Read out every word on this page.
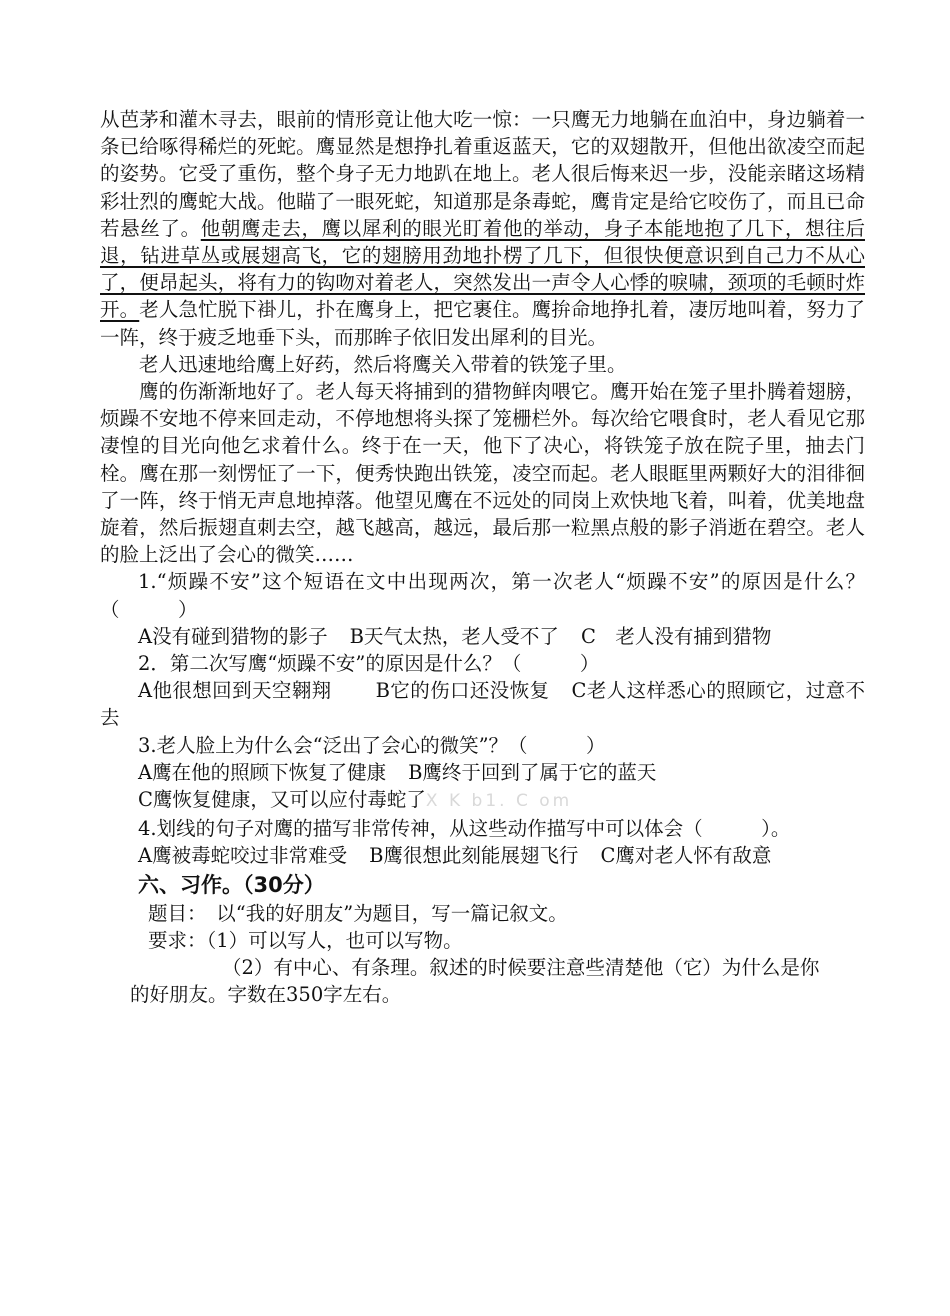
从芭茅和灌木寻去，眼前的情形竟让他大吃一惊：一只鹰无力地躺在血泊中，身边躺着一条已给啄得稀烂的死蛇。鹰显然是想挣扎着重返蓝天，它的双翅散开，但他出欲凌空而起的姿势。它受了重伤，整个身子无力地趴在地上。老人很后悔来迟一步，没能亲睹这场精彩壮烈的鹰蛇大战。他瞄了一眼死蛇，知道那是条毒蛇，鹰肯定是给它咬伤了，而且已命若悬丝了。他朝鹰走去，鹰以犀利的眼光盯着他的举动，身子本能地抱了几下，想往后退，钻进草丛或展翅高飞，它的翅膀用劲地扑楞了几下，但很快便意识到自己力不从心了，便昂起头，将有力的钩吻对着老人，突然发出一声令人心悸的唳啸，颈项的毛顿时炸开。老人急忙脱下褂儿，扑在鹰身上，把它裹住。鹰拚命地挣扎着，凄厉地叫着，努力了一阵，终于疲乏地垂下头，而那眸子依旧发出犀利的目光。

老人迅速地给鹰上好药，然后将鹰关入带着的铁笼子里。

鹰的伤渐渐地好了。老人每天将捕到的猎物鲜肉喂它。鹰开始在笼子里扑腾着翅膀，烦躁不安地不停来回走动，不停地想将头探了笼栅栏外。每次给它喂食时，老人看见它那凄惶的目光向他乞求着什么。终于在一天，他下了决心，将铁笼子放在院子里，抽去门栓。鹰在那一刻愣怔了一下，便秀快跑出铁笼，凌空而起。老人眼眶里两颗好大的泪徘徊了一阵，终于悄无声息地掉落。他望见鹰在不远处的同岗上欢快地飞着，叫着，优美地盘旋着，然后振翅直刺去空，越飞越高，越远，最后那一粒黑点般的影子消逝在碧空。老人的脸上泛出了会心的微笑……

1.“烦躁不安”这个短语在文中出现两次，第一次老人“烦躁不安”的原因是什么？（　　　）

A没有碰到猎物的影子 B天气太热，老人受不了 C　老人没有捕到猎物

2．第二次写鹰“烦躁不安”的原因是什么？（　　　）

A他很想回到天空翱翔 B它的伤口还没恢复 C老人这样悉心的照顾它，过意不去

3.老人脸上为什么会“泛出了会心的微笑”？（　　　）

A鹰在他的照顾下恢复了健康 B鹰终于回到了属于它的蓝天

C鹰恢复健康，又可以应付毒蛇了X K b1. C om

4.划线的句子对鹰的描写非常传神，从这些动作描写中可以体会（　　　）。

A鹰被毒蛇咬过非常难受 B鹰很想此刻能展翅飞行 C鹰对老人怀有敌意

六、习作。（30分）

题目：　以“我的好朋友”为题目，写一篇记叙文。

要求：（1）可以写人，也可以写物。

（2）有中心、有条理。叙述的时候要注意些清楚他（它）为什么是你

的好朋友。字数在350字左右。
